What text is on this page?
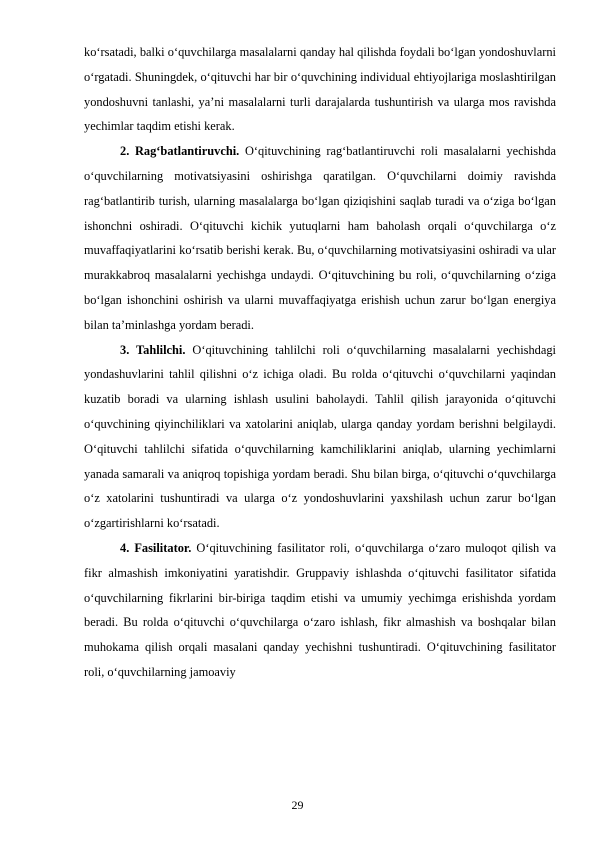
ko‘rsatadi, balki o‘quvchilarga masalalarni qanday hal qilishda foydali bo‘lgan yondoshuvlarni o‘rgatadi. Shuningdek, o‘qituvchi har bir o‘quvchining individual ehtiyojlariga moslashtirilgan yondoshuvni tanlashi, ya’ni masalalarni turli darajalarda tushuntirish va ularga mos ravishda yechimlar taqdim etishi kerak.

2. Rag‘batlantiruvchi. O‘qituvchining rag‘batlantiruvchi roli masalalarni yechishda o‘quvchilarning motivatsiyasini oshirishga qaratilgan. O‘quvchilarni doimiy ravishda rag‘batlantirib turish, ularning masalalarga bo‘lgan qiziqishini saqlab turadi va o‘ziga bo‘lgan ishonchni oshiradi. O‘qituvchi kichik yutuqlarni ham baholash orqali o‘quvchilarga o‘z muvaffaqiyatlarini ko‘rsatib berishi kerak. Bu, o‘quvchilarning motivatsiyasini oshiradi va ular murakkabroq masalalarni yechishga undaydi. O‘qituvchining bu roli, o‘quvchilarning o‘ziga bo‘lgan ishonchini oshirish va ularni muvaffaqiyatga erishish uchun zarur bo‘lgan energiya bilan ta’minlashga yordam beradi.

3. Tahlilchi. O‘qituvchining tahlilchi roli o‘quvchilarning masalalarni yechishdagi yondashuvlarini tahlil qilishni o‘z ichiga oladi. Bu rolda o‘qituvchi o‘quvchilarni yaqindan kuzatib boradi va ularning ishlash usulini baholaydi. Tahlil qilish jarayonida o‘qituvchi o‘quvchining qiyinchiliklari va xatolarini aniqlab, ularga qanday yordam berishni belgilaydi. O‘qituvchi tahlilchi sifatida o‘quvchilarning kamchiliklarini aniqlab, ularning yechimlarni yanada samarali va aniqroq topishiga yordam beradi. Shu bilan birga, o‘qituvchi o‘quvchilarga o‘z xatolarini tushuntiradi va ularga o‘z yondoshuvlarini yaxshilash uchun zarur bo‘lgan o‘zgartirishlarni ko‘rsatadi.

4. Fasilitator. O‘qituvchining fasilitator roli, o‘quvchilarga o‘zaro muloqot qilish va fikr almashish imkoniyatini yaratishdir. Gruppaviy ishlashda o‘qituvchi fasilitator sifatida o‘quvchilarning fikrlarini bir-biriga taqdim etishi va umumiy yechimga erishishda yordam beradi. Bu rolda o‘qituvchi o‘quvchilarga o‘zaro ishlash, fikr almashish va boshqalar bilan muhokama qilish orqali masalani qanday yechishni tushuntiradi. O‘qituvchining fasilitator roli, o‘quvchilarning jamoaviy

29
